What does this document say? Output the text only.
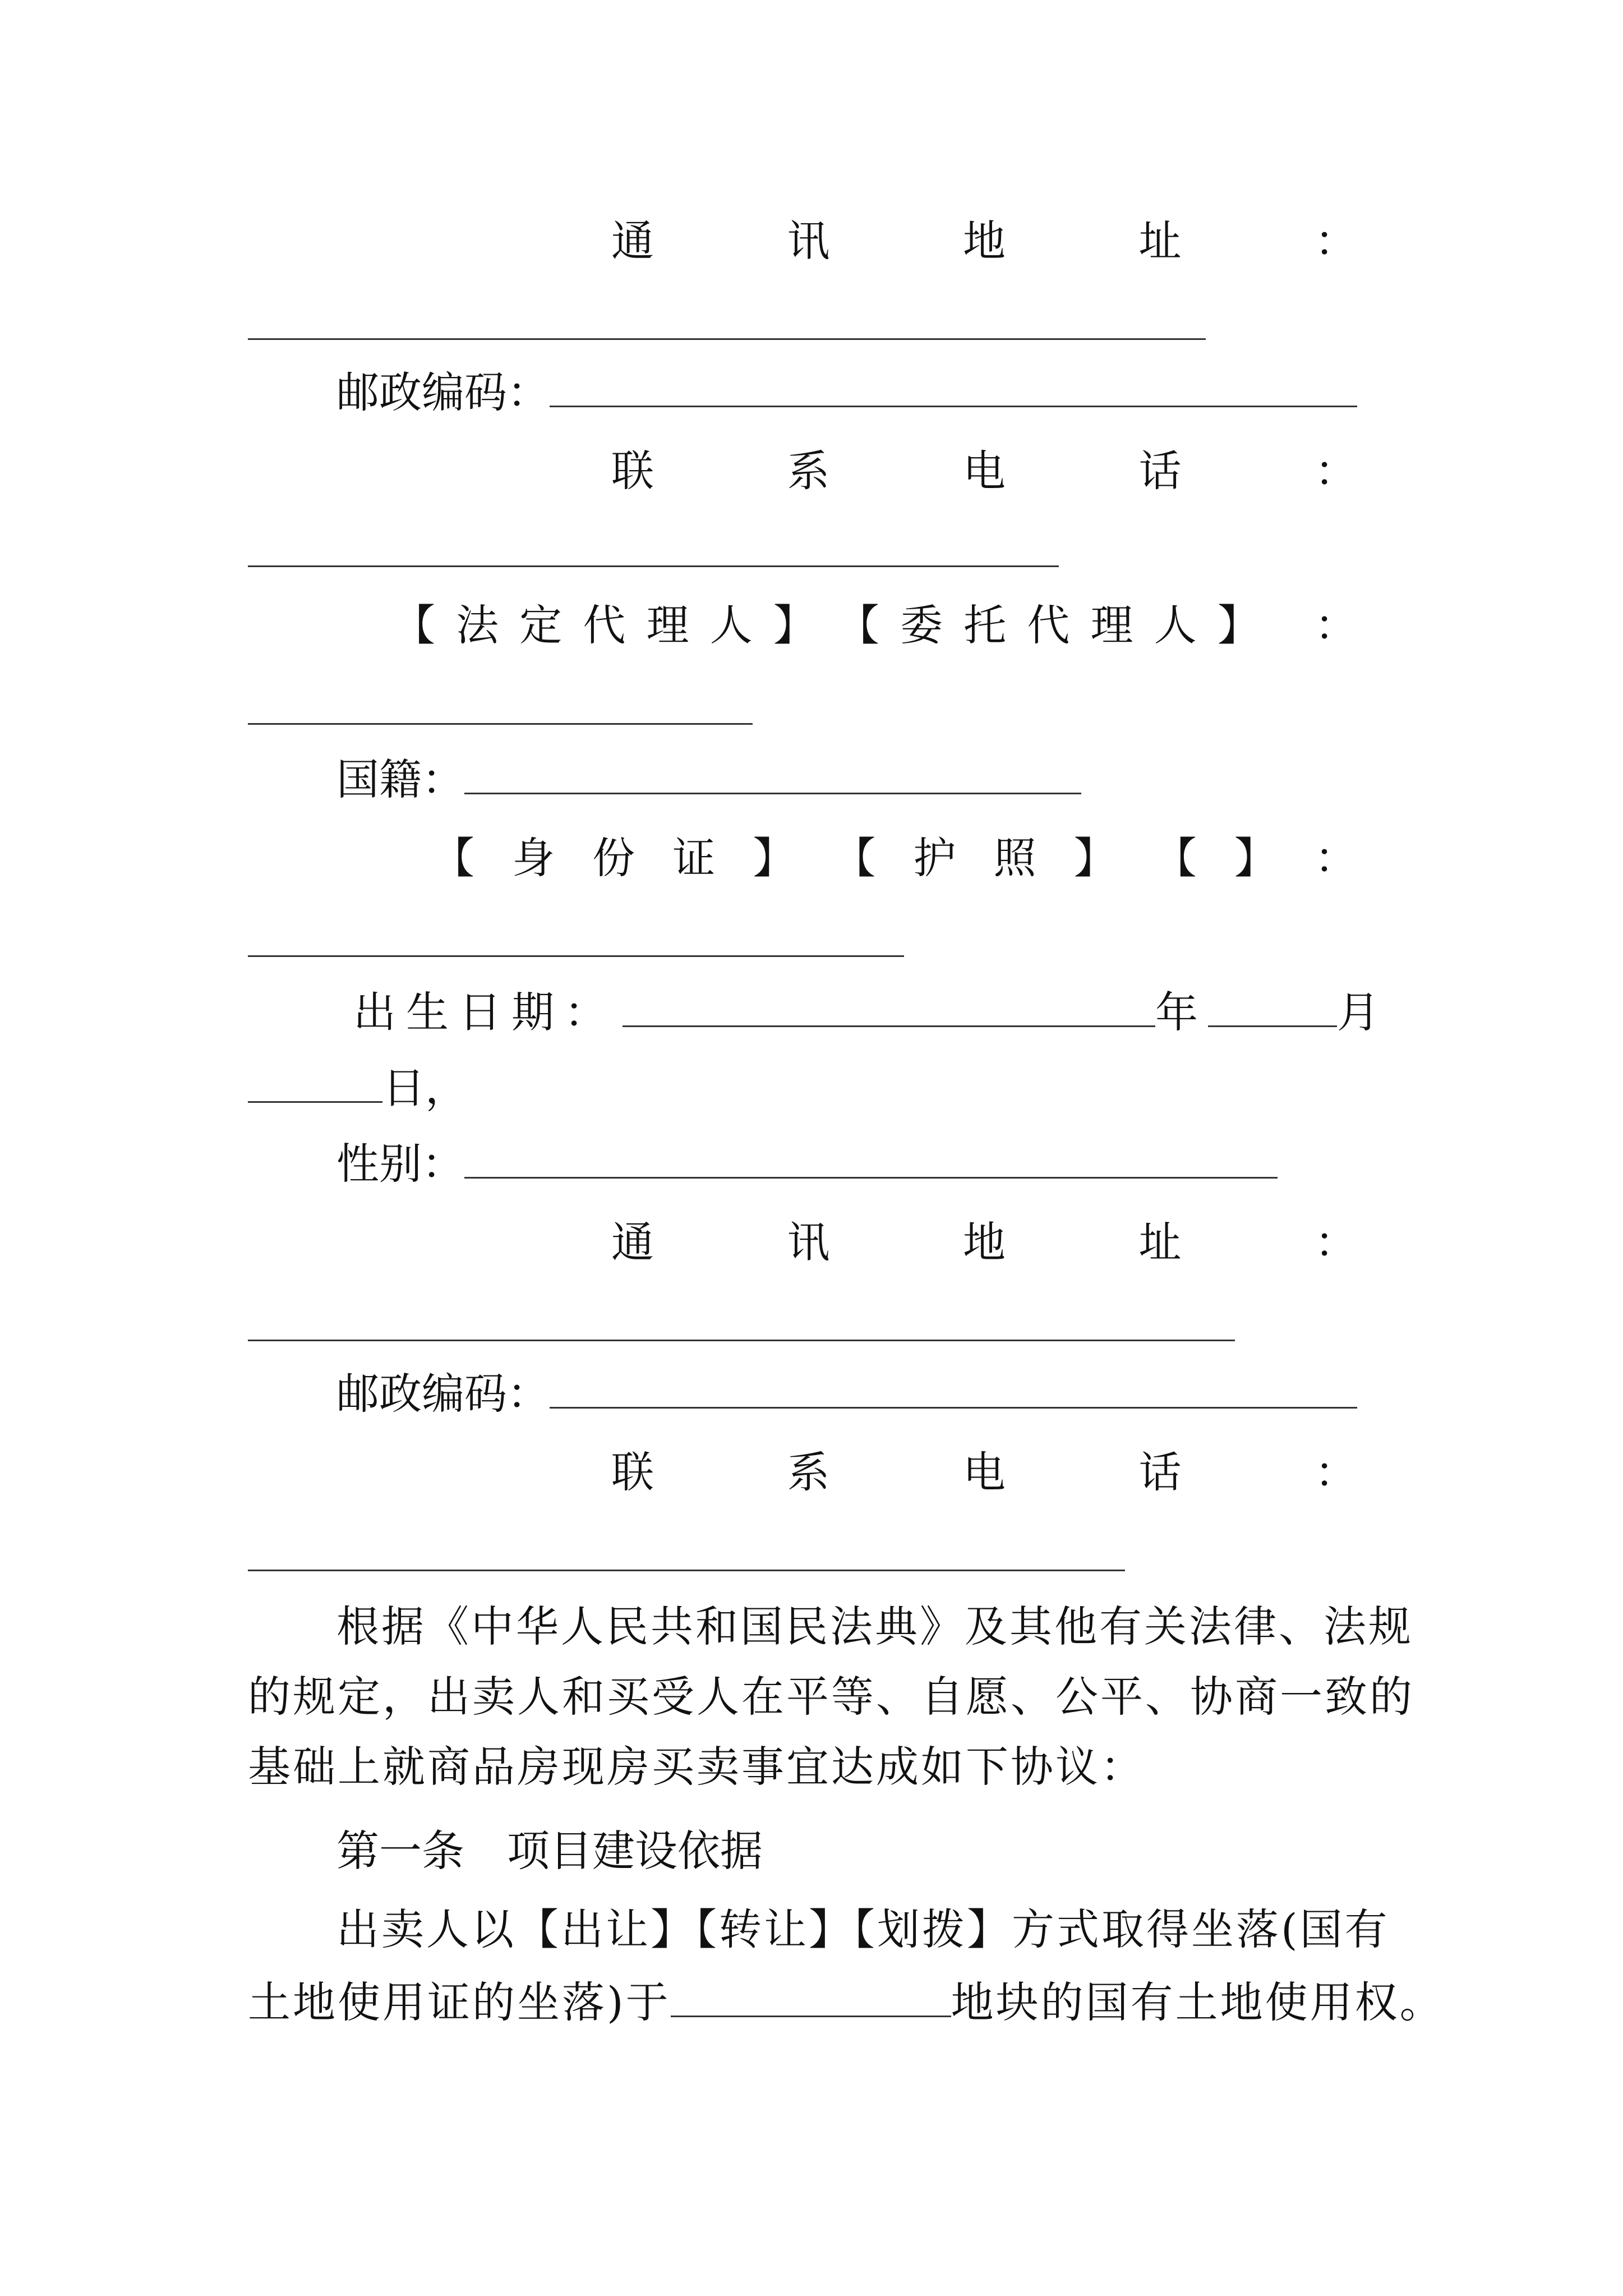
通	讯	地	址	：
邮政编码：
联	系	电	话	：
【 法 定 代 理 人 】 【 委 托 代 理 人 】 ：
国籍：
【 身 份 证 】 【 护 照 】 【 】 ：
出生日期：	年	月
日，
性别：
通	讯	地	址	：
邮政编码：
联	系	电	话	：
根据《中华人民共和国民法典》及其他有关法律、法规
的规定，出卖人和买受人在平等、自愿、公平、协商一致的
基础上就商品房现房买卖事宜达成如下协议：
第一条　项目建设依据
出卖人以【出让】【转让】【划拨】方式取得坐落(国有
土地使用证的坐落)于	地块的国有土地使用权。
